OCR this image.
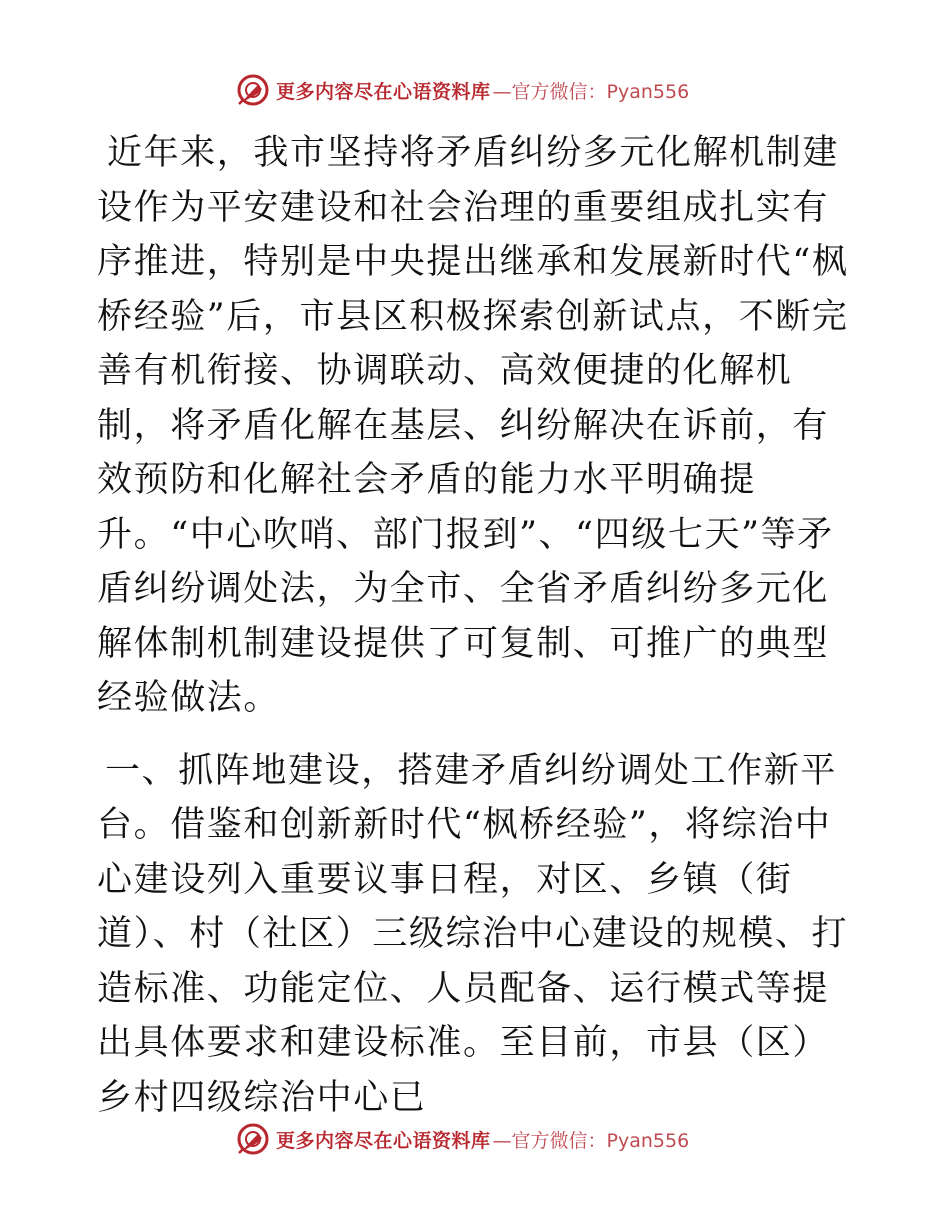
更多内容尽在心语资料库 —官方微信：Pyan556

近年来，我市坚持将矛盾纠纷多元化解机制建设作为平安建设和社会治理的重要组成扎实有序推进，特别是中央提出继承和发展新时代“枫桥经验”后，市县区积极探索创新试点，不断完善有机衔接、协调联动、高效便捷的化解机制，将矛盾化解在基层、纠纷解决在诉前，有效预防和化解社会矛盾的能力水平明确提升。“中心吹哨、部门报到”、“四级七天”等矛盾纠纷调处法，为全市、全省矛盾纠纷多元化解体制机制建设提供了可复制、可推广的典型经验做法。

一、抓阵地建设，搭建矛盾纠纷调处工作新平台。借鉴和创新新时代“枫桥经验”，将综治中心建设列入重要议事日程，对区、乡镇（街道）、村（社区）三级综治中心建设的规模、打造标准、功能定位、人员配备、运行模式等提出具体要求和建设标准。至目前，市县（区）乡村四级综治中心已

更多内容尽在心语资料库 —官方微信：Pyan556
